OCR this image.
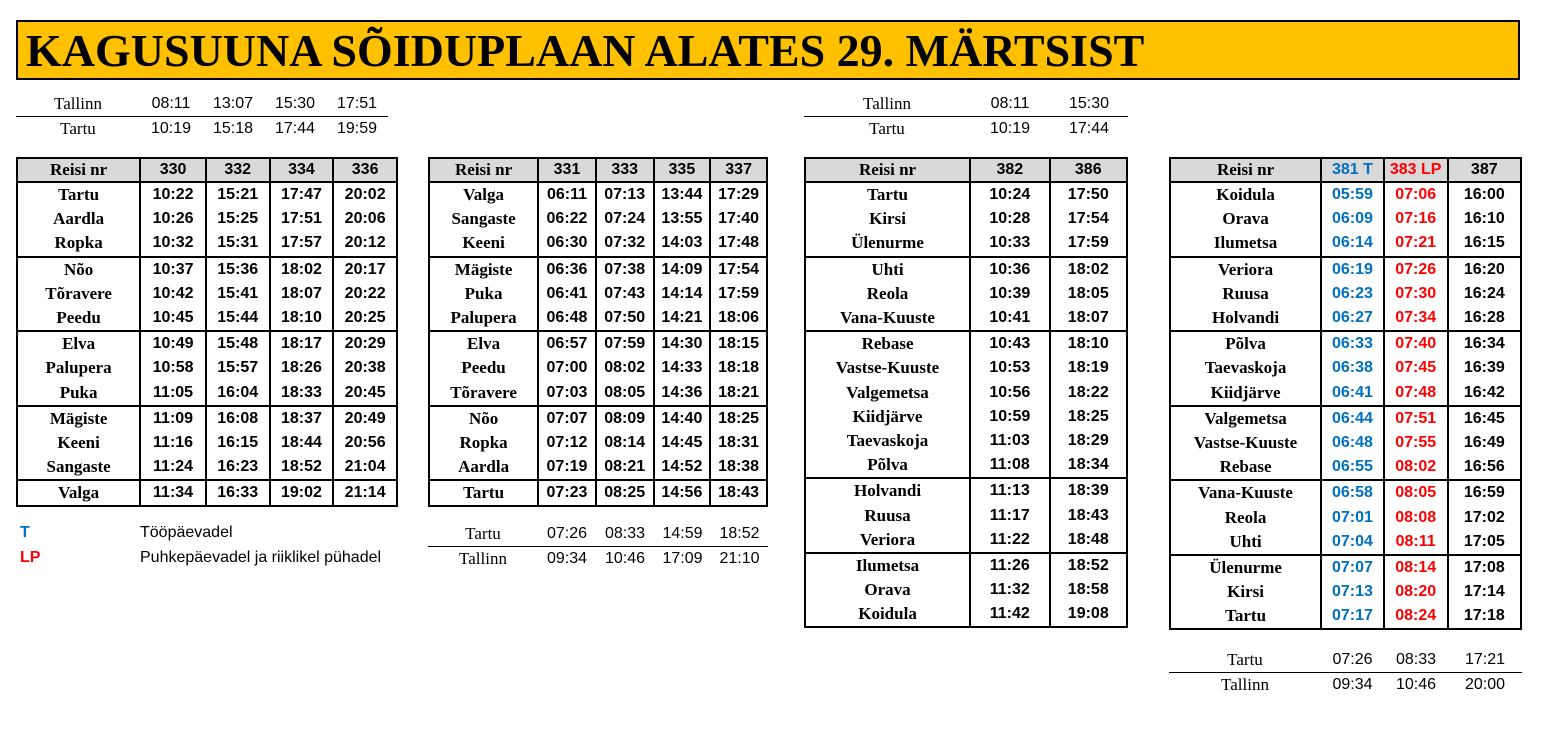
KAGUSUUNA SÕIDUPLAAN ALATES 29. MÄRTSIST
Tallinn	08:11	13:07	15:30	17:51
Tartu	10:19	15:18	17:44	19:59
Tallinn	08:11	15:30
Tartu	10:19	17:44
Reisi nr	330	332	334	336
Tartu	10:22	15:21	17:47	20:02
Aardla	10:26	15:25	17:51	20:06
Ropka	10:32	15:31	17:57	20:12
Nõo	10:37	15:36	18:02	20:17
Tõravere	10:42	15:41	18:07	20:22
Peedu	10:45	15:44	18:10	20:25
Elva	10:49	15:48	18:17	20:29
Palupera	10:58	15:57	18:26	20:38
Puka	11:05	16:04	18:33	20:45
Mägiste	11:09	16:08	18:37	20:49
Keeni	11:16	16:15	18:44	20:56
Sangaste	11:24	16:23	18:52	21:04
Valga	11:34	16:33	19:02	21:14
Reisi nr	331	333	335	337
Valga	06:11	07:13	13:44	17:29
Sangaste	06:22	07:24	13:55	17:40
Keeni	06:30	07:32	14:03	17:48
Mägiste	06:36	07:38	14:09	17:54
Puka	06:41	07:43	14:14	17:59
Palupera	06:48	07:50	14:21	18:06
Elva	06:57	07:59	14:30	18:15
Peedu	07:00	08:02	14:33	18:18
Tõravere	07:03	08:05	14:36	18:21
Nõo	07:07	08:09	14:40	18:25
Ropka	07:12	08:14	14:45	18:31
Aardla	07:19	08:21	14:52	18:38
Tartu	07:23	08:25	14:56	18:43
Reisi nr	382	386
Tartu	10:24	17:50
Kirsi	10:28	17:54
Ülenurme	10:33	17:59
Uhti	10:36	18:02
Reola	10:39	18:05
Vana-Kuuste	10:41	18:07
Rebase	10:43	18:10
Vastse-Kuuste	10:53	18:19
Valgemetsa	10:56	18:22
Kiidjärve	10:59	18:25
Taevaskoja	11:03	18:29
Põlva	11:08	18:34
Holvandi	11:13	18:39
Ruusa	11:17	18:43
Veriora	11:22	18:48
Ilumetsa	11:26	18:52
Orava	11:32	18:58
Koidula	11:42	19:08
Reisi nr	381 T	383 LP	387
Koidula	05:59	07:06	16:00
Orava	06:09	07:16	16:10
Ilumetsa	06:14	07:21	16:15
Veriora	06:19	07:26	16:20
Ruusa	06:23	07:30	16:24
Holvandi	06:27	07:34	16:28
Põlva	06:33	07:40	16:34
Taevaskoja	06:38	07:45	16:39
Kiidjärve	06:41	07:48	16:42
Valgemetsa	06:44	07:51	16:45
Vastse-Kuuste	06:48	07:55	16:49
Rebase	06:55	08:02	16:56
Vana-Kuuste	06:58	08:05	16:59
Reola	07:01	08:08	17:02
Uhti	07:04	08:11	17:05
Ülenurme	07:07	08:14	17:08
Kirsi	07:13	08:20	17:14
Tartu	07:17	08:24	17:18
T	Tööpäevadel
LP	Puhkepäevadel ja riiklikel pühadel
Tartu	07:26	08:33	14:59	18:52
Tallinn	09:34	10:46	17:09	21:10
Tartu	07:26	08:33	17:21
Tallinn	09:34	10:46	20:00
